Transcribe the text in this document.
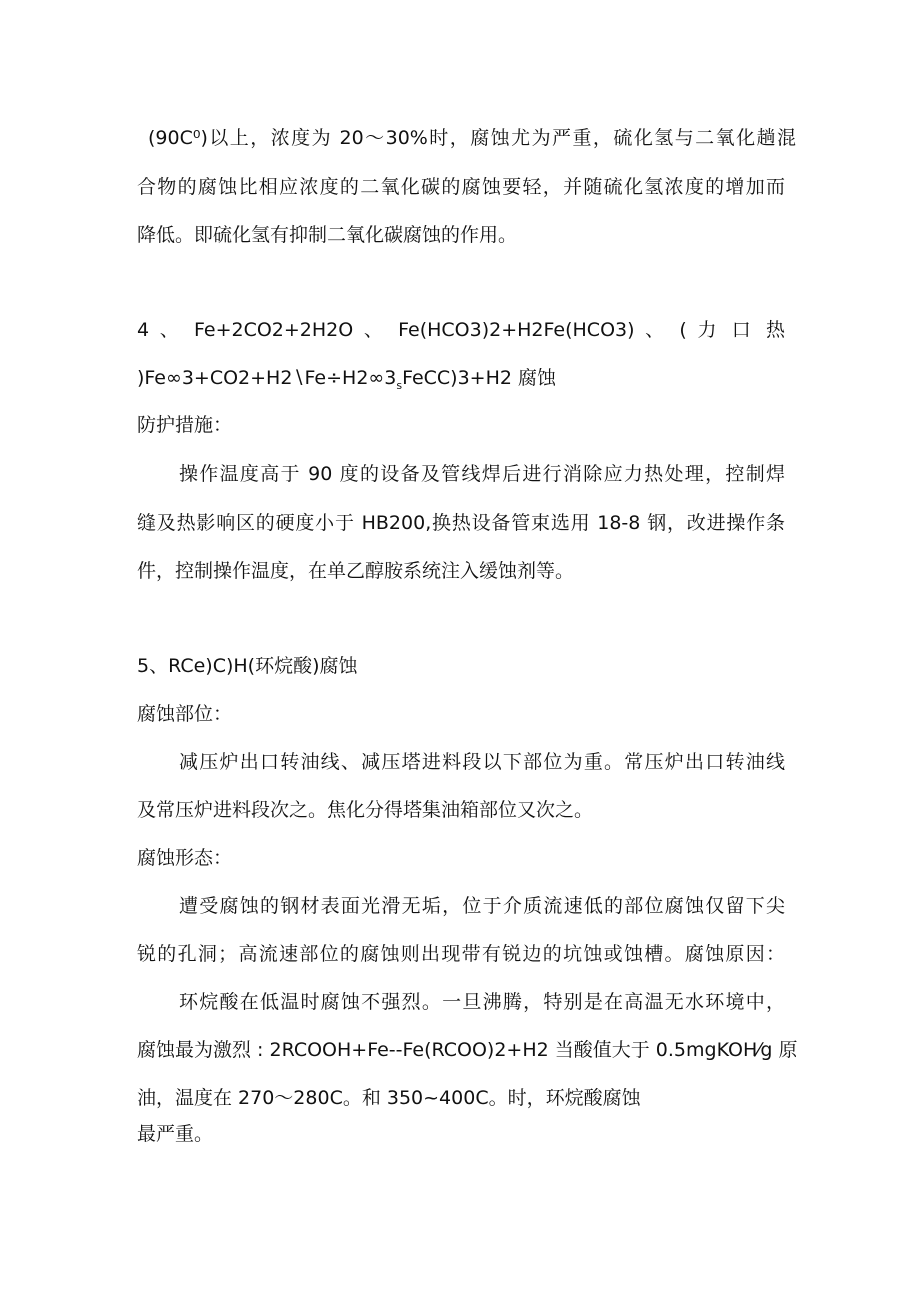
(90C⁰)以上，浓度为 20～30%时，腐蚀尤为严重，硫化氢与二氧化趟混
合物的腐蚀比相应浓度的二氧化碳的腐蚀要轻，并随硫化氢浓度的增加而
降低。即硫化氢有抑制二氧化碳腐蚀的作用。
4 、 Fe+2CO2+2H2O 、 Fe(HCO3)2+H2Fe(HCO3) 、 ( 力 口 热
)$Fe\infty 3+CO2+H2∖Fe\div H2\infty 3_sFeCC)3+H2$ 腐蚀
防护措施：
操作温度高于 90 度的设备及管线焊后进行消除应力热处理，控制焊
缝及热影响区的硬度小于 HB200,换热设备管束选用 18-8 钢，改进操作条
件，控制操作温度，在单乙醇胺系统注入缓蚀剂等。
5、RCe)C)H(环烷酸)腐蚀
腐蚀部位：
减压炉出口转油线、减压塔进料段以下部位为重。常压炉出口转油线
及常压炉进料段次之。焦化分得塔集油箱部位又次之。
腐蚀形态：
遭受腐蚀的钢材表面光滑无垢，位于介质流速低的部位腐蚀仅留下尖
锐的孔洞；高流速部位的腐蚀则出现带有锐边的坑蚀或蚀槽。腐蚀原因：
环烷酸在低温时腐蚀不强烈。一旦沸腾，特别是在高温无水环境中，
腐蚀最为激烈 : 2RCOOH+Fe--Fe(RCOO)2+H2 当酸值大于 0.5mgKOH⁄g 原
油，温度在 270～280C。和 350~400C。时，环烷酸腐蚀
最严重。
